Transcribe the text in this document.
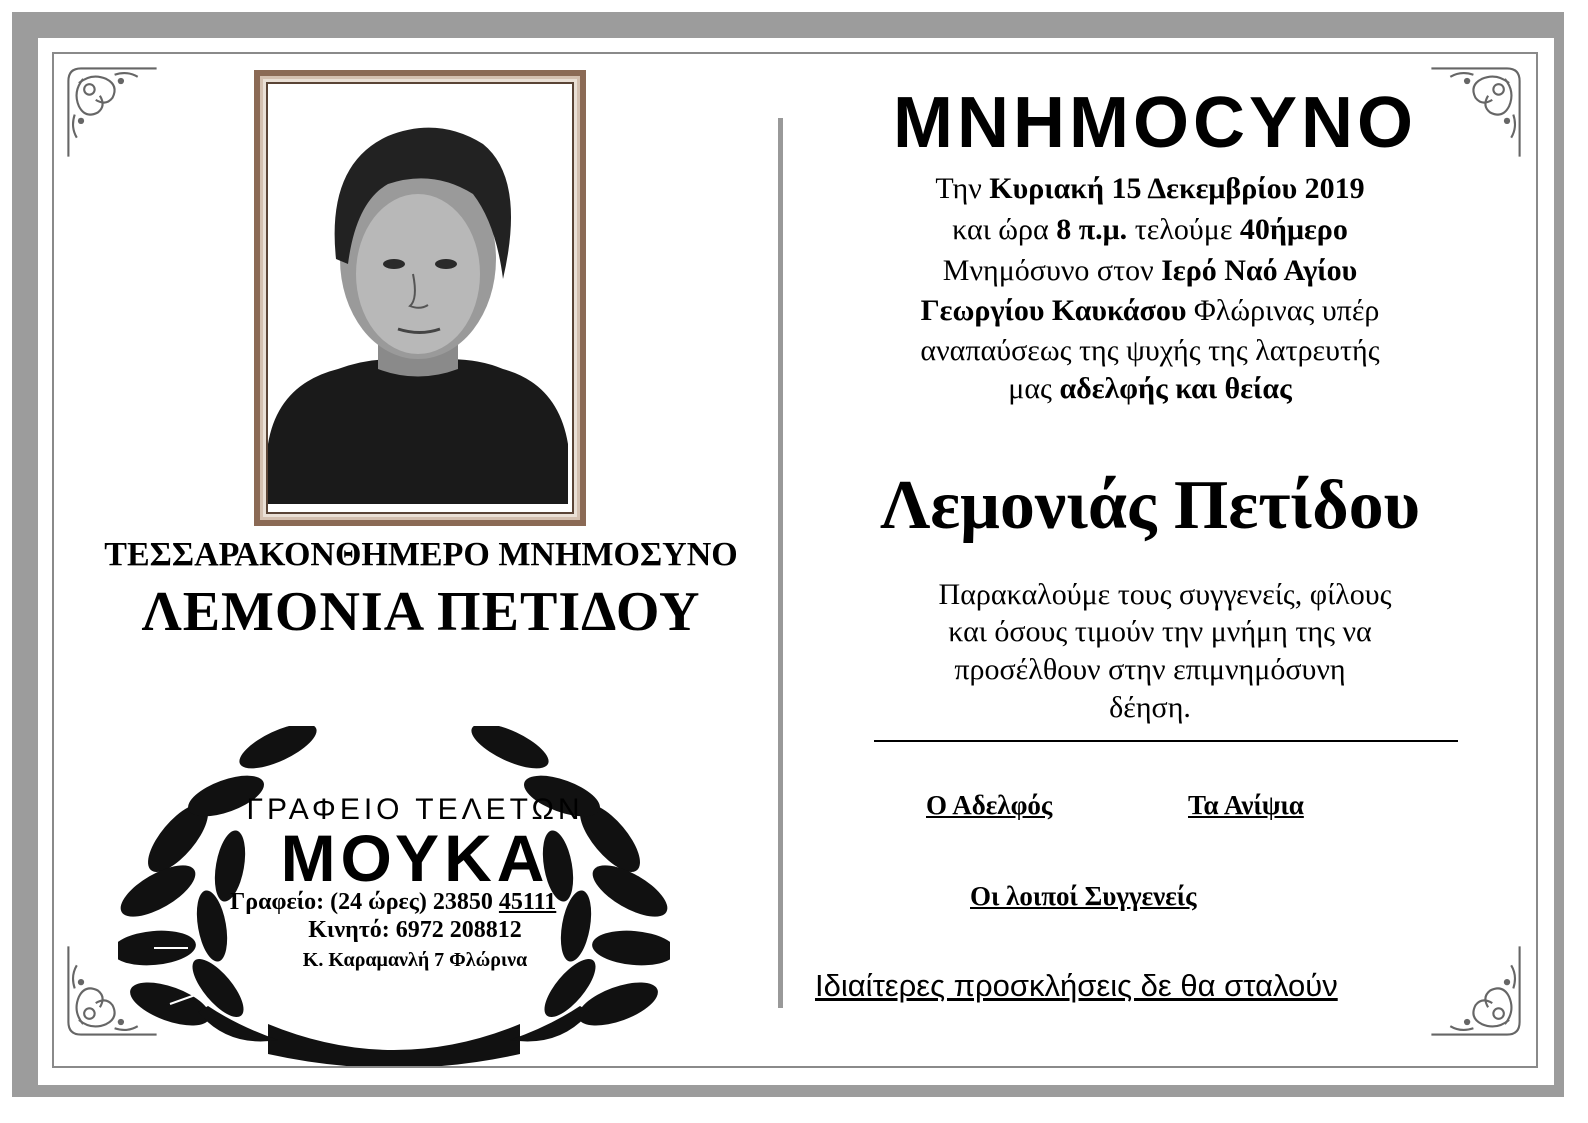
ΤΕΣΣΑΡΑΚΟΝΘΗΜΕΡΟ ΜΝΗΜΟΣΥΝΟ
ΛΕΜΟΝΙΑ ΠΕΤΙΔΟΥ
ΓΡΑΦΕΙΟ ΤΕΛΕΤΩΝ
ΜΟΥΚΑ
Γραφείο: (24 ώρες) 23850 45111
Κινητό: 6972 208812
Κ. Καραμανλή 7 Φλώρινα
ΜΝΗΜΟCΥΝΟ
Την Κυριακή 15 Δεκεμβρίου 2019
και ώρα 8 π.μ. τελούμε 40ήμερο
Μνημόσυνο στον Ιερό Ναό Αγίου
Γεωργίου Καυκάσου Φλώρινας υπέρ
αναπαύσεως της ψυχής της λατρευτής
μας αδελφής και θείας
Λεμονιάς Πετίδου
Παρακαλούμε τους συγγενείς, φίλους
και όσους τιμούν την μνήμη της να
προσέλθουν στην επιμνημόσυνη
δέηση.
Ο Αδελφός	Τα Ανίψια
Οι λοιποί Συγγενείς
Ιδιαίτερες προσκλήσεις δε θα σταλούν
